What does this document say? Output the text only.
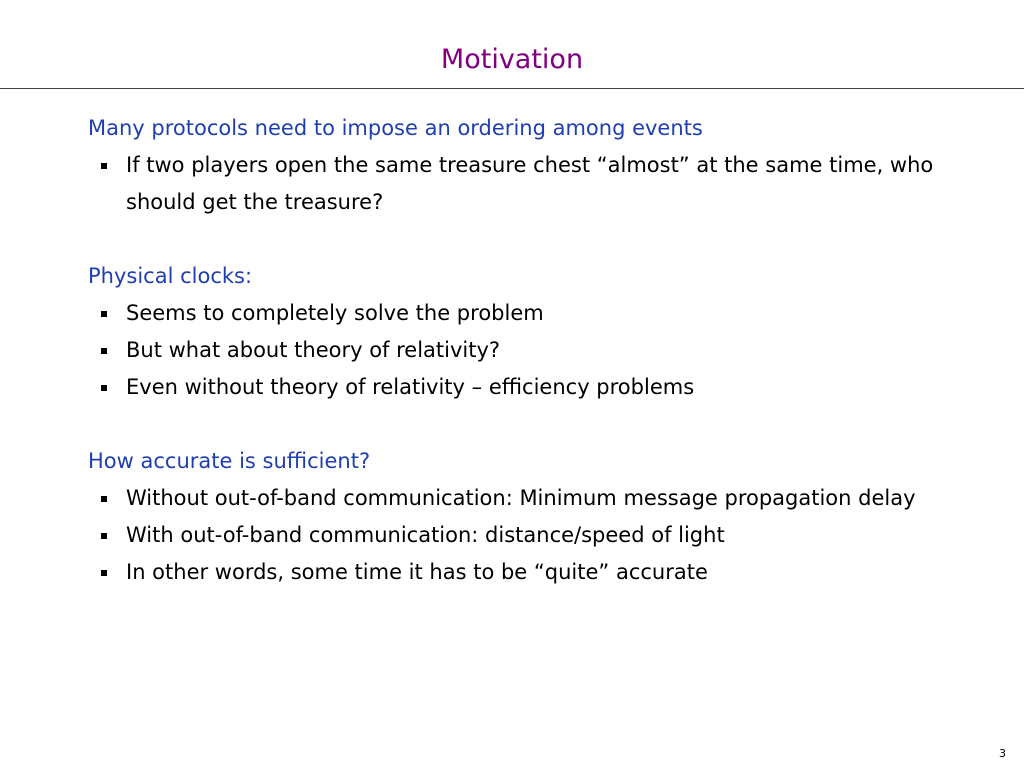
Motivation

Many protocols need to impose an ordering among events

If two players open the same treasure chest “almost” at the same time, who should get the treasure?

Physical clocks:

Seems to completely solve the problem
But what about theory of relativity?
Even without theory of relativity – efficiency problems

How accurate is sufficient?

Without out-of-band communication: Minimum message propagation delay
With out-of-band communication: distance/speed of light
In other words, some time it has to be “quite” accurate
3
